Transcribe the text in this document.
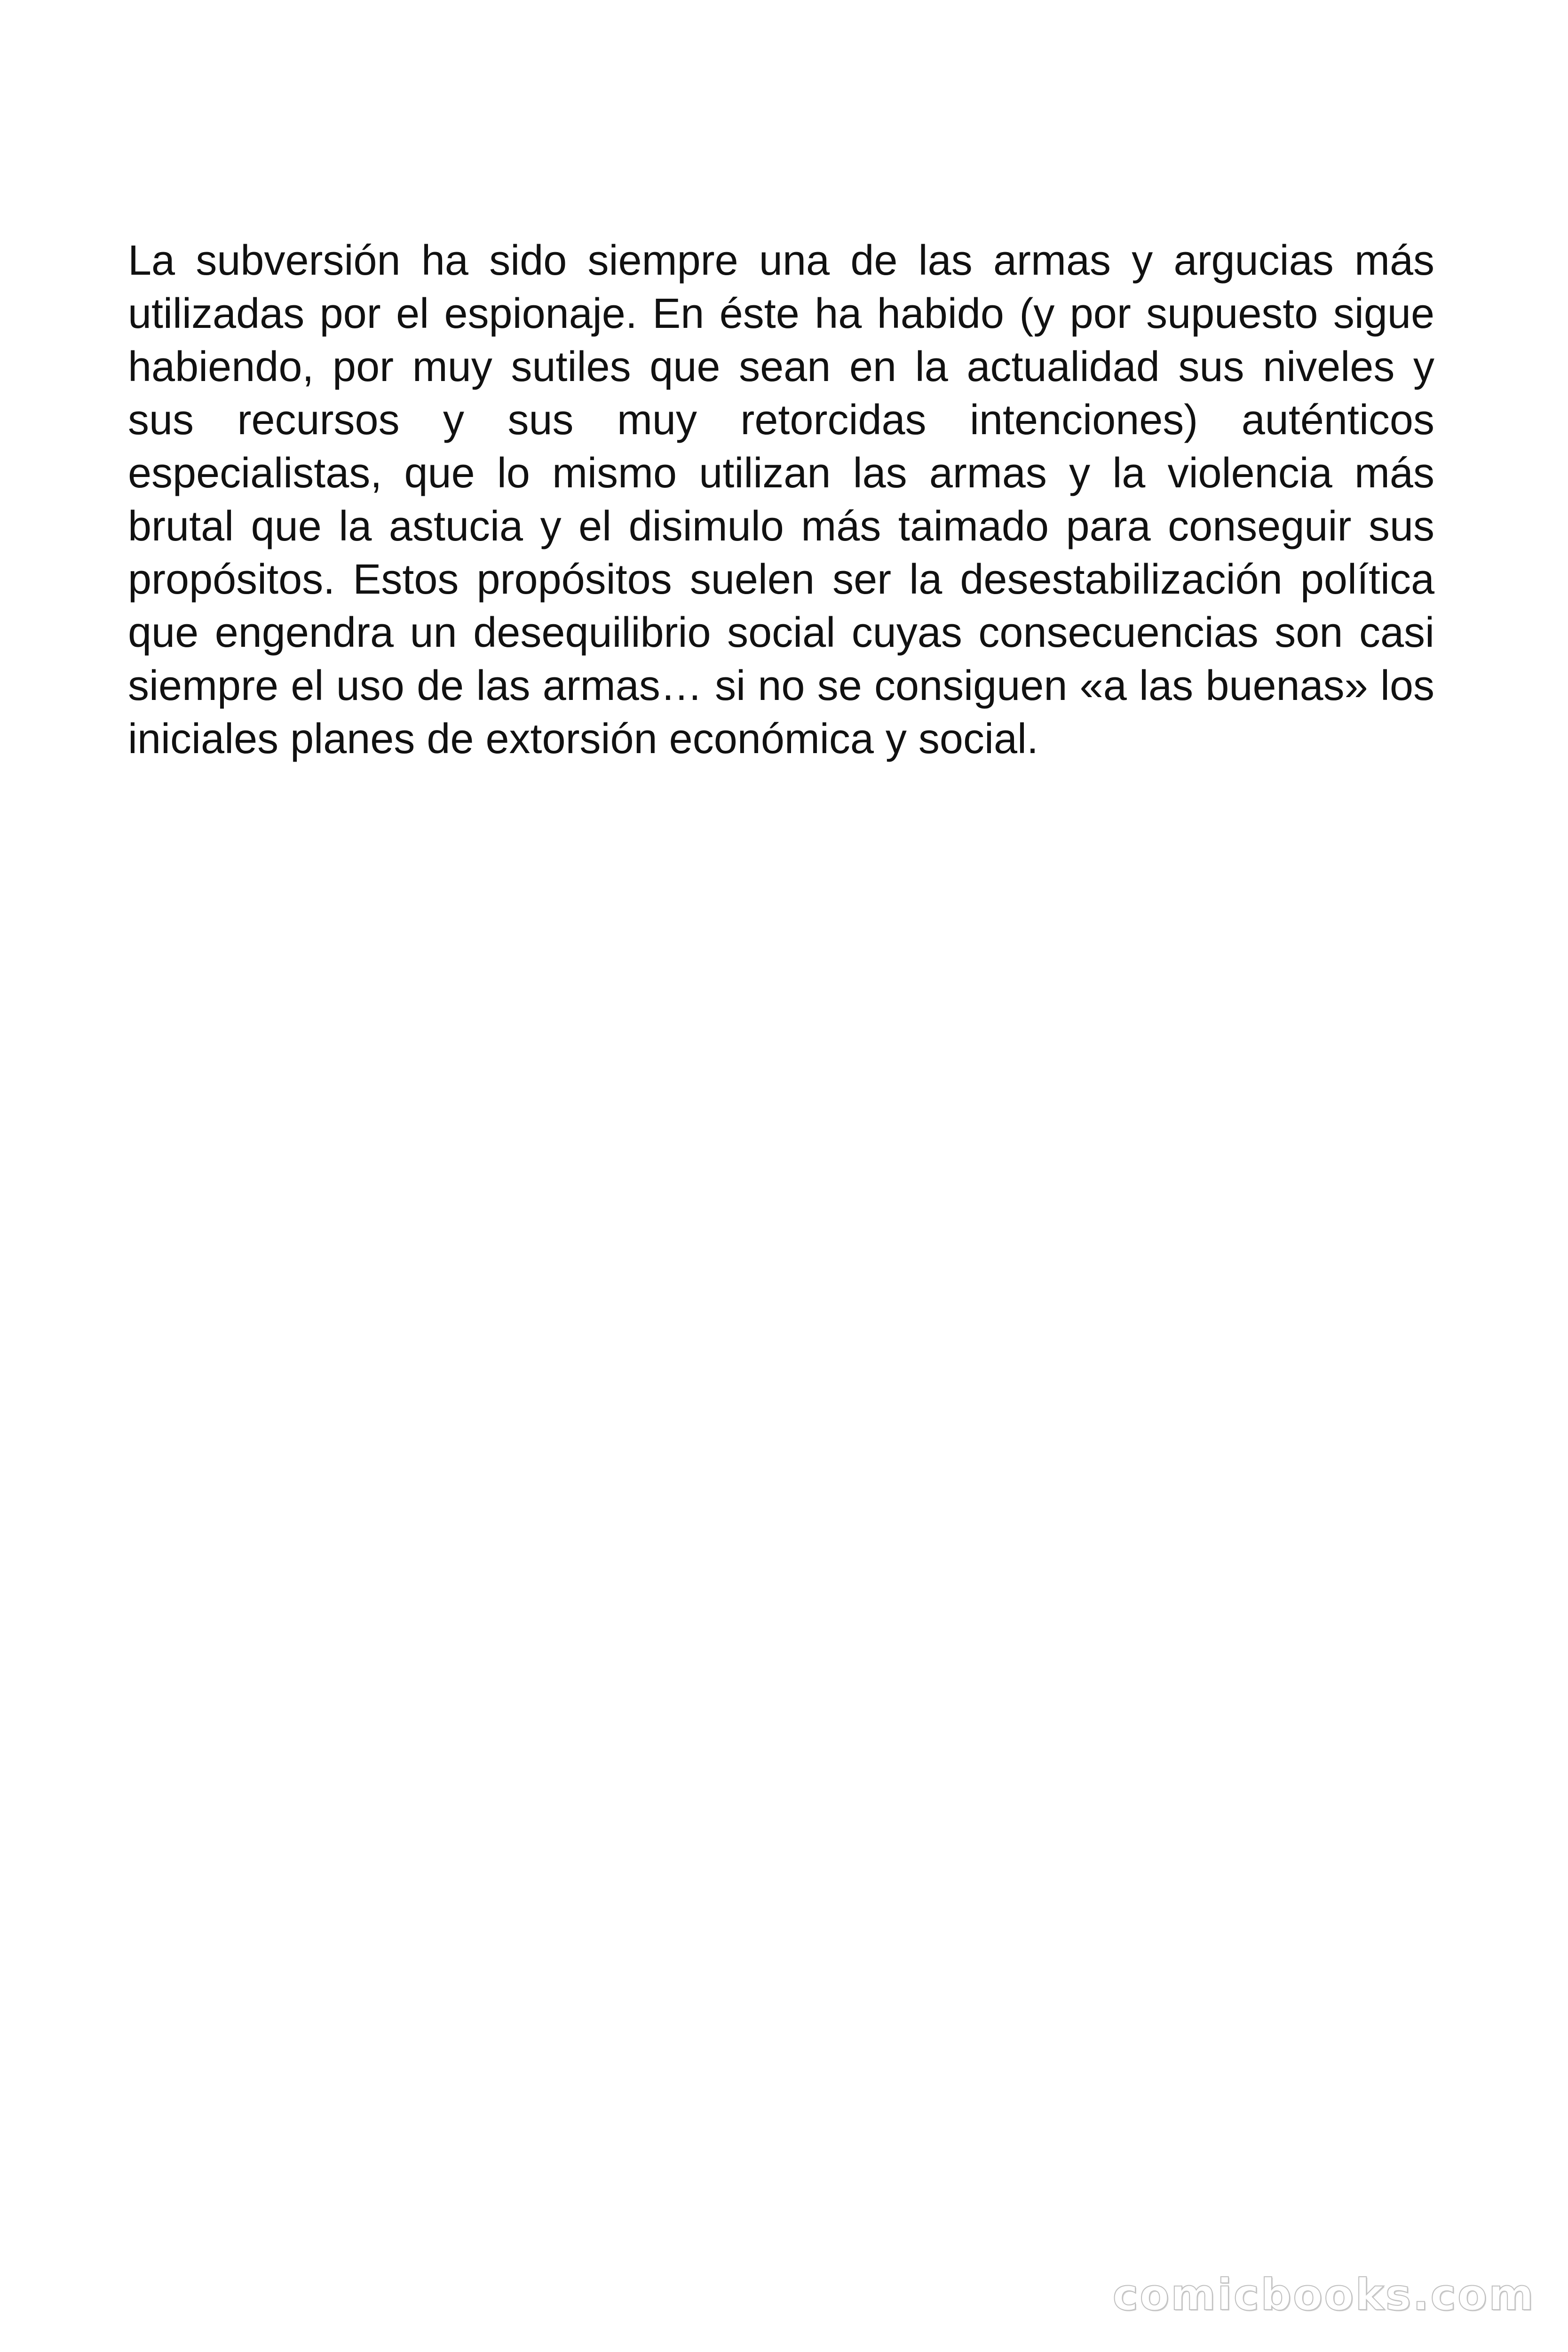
La subversión ha sido siempre una de las armas y argucias más utilizadas por el espionaje. En éste ha habido (y por supuesto sigue habiendo, por muy sutiles que sean en la actualidad sus niveles y sus recursos y sus muy retorcidas intenciones) auténticos especialistas, que lo mismo utilizan las armas y la violencia más brutal que la astucia y el disimulo más taimado para conseguir sus propósitos. Estos propósitos suelen ser la desestabilización política que engendra un desequilibrio social cuyas consecuencias son casi siempre el uso de las armas… si no se consiguen «a las buenas» los iniciales planes de extorsión económica y social.

comicbooks.com
